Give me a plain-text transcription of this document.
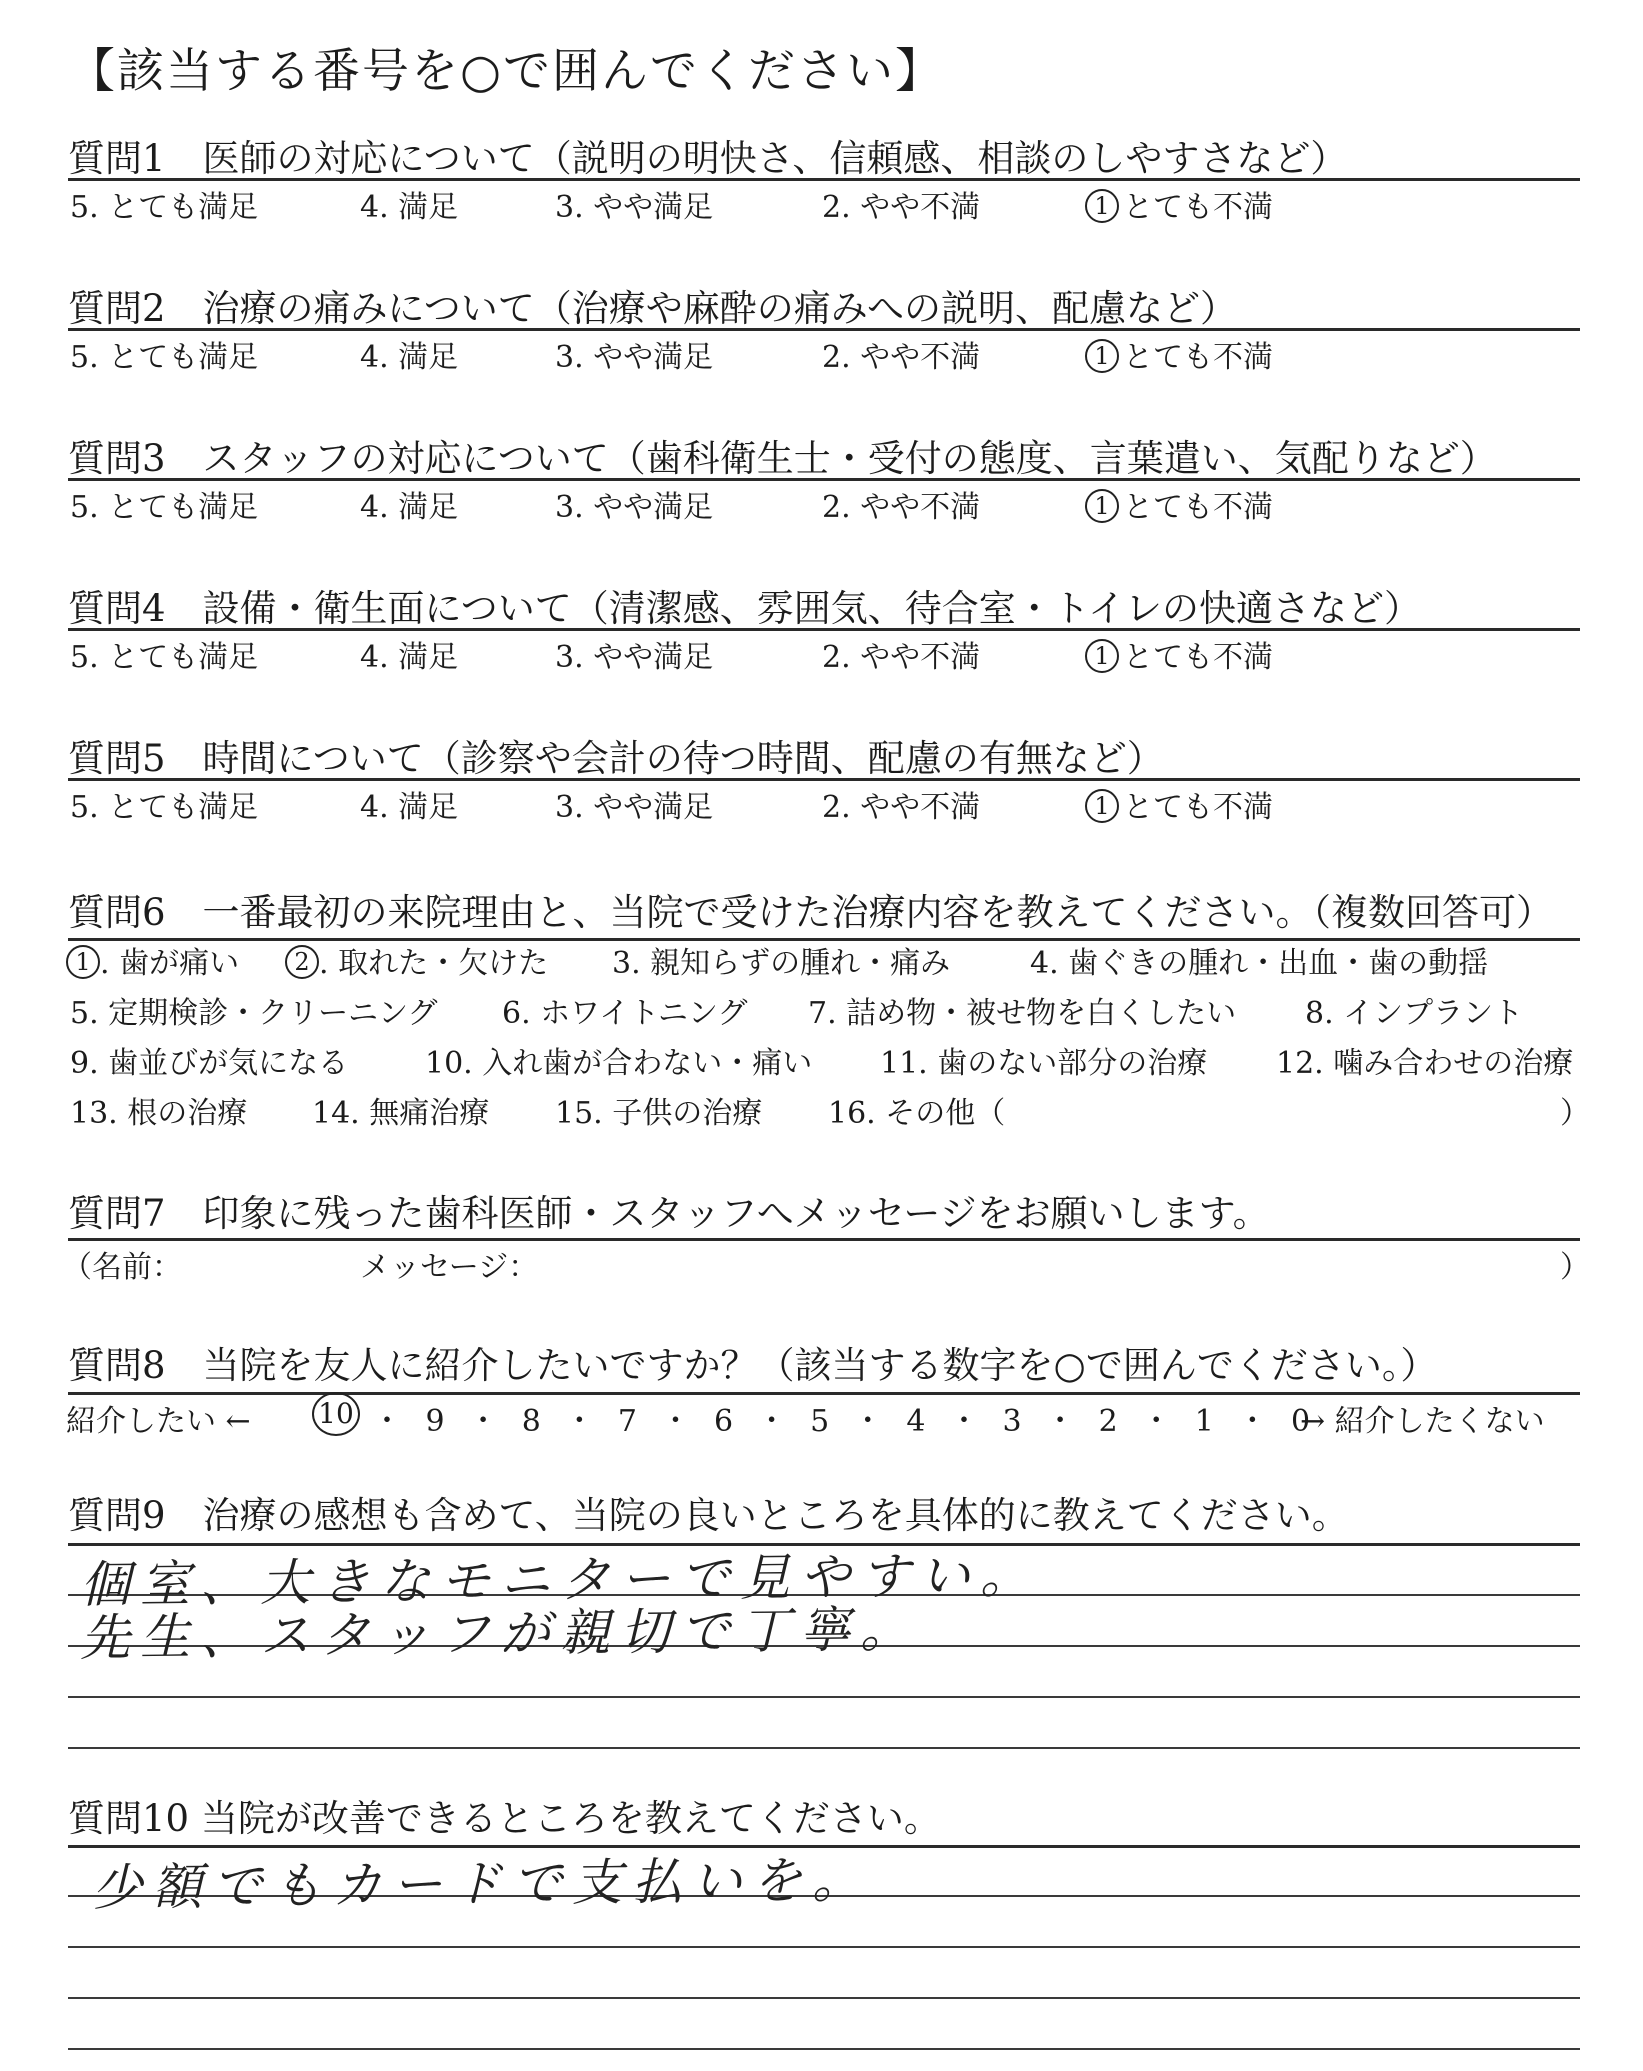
【該当する番号を○で囲んでください】
質問1　医師の対応について（説明の明快さ、信頼感、相談のしやすさなど）
5. とても満足	4. 満足	3. やや満足	2. やや不満	1 とても不満
質問2　治療の痛みについて（治療や麻酔の痛みへの説明、配慮など）
5. とても満足	4. 満足	3. やや満足	2. やや不満	1 とても不満
質問3　スタッフの対応について（歯科衛生士・受付の態度、言葉遣い、気配りなど）
5. とても満足	4. 満足	3. やや満足	2. やや不満	1 とても不満
質問4　設備・衛生面について（清潔感、雰囲気、待合室・トイレの快適さなど）
5. とても満足	4. 満足	3. やや満足	2. やや不満	1 とても不満
質問5　時間について（診察や会計の待つ時間、配慮の有無など）
5. とても満足	4. 満足	3. やや満足	2. やや不満	1 とても不満
質問6　一番最初の来院理由と、当院で受けた治療内容を教えてください。（複数回答可）
1 . 歯が痛い	2 . 取れた・欠けた 3. 親知らずの腫れ・痛み	4. 歯ぐきの腫れ・出血・歯の動揺
5. 定期検診・クリーニング 6. ホワイトニング 7. 詰め物・被せ物を白くしたい 8. インプラント
9. 歯並びが気になる	10. 入れ歯が合わない・痛い 11. 歯のない部分の治療 12. 噛み合わせの治療
13. 根の治療 14. 無痛治療 15. 子供の治療 16. その他（	）
質問7　印象に残った歯科医師・スタッフへメッセージをお願いします。
（名前：	メッセージ：	）
質問8　当院を友人に紹介したいですか？（該当する数字を○で囲んでください。）
紹介したい ← 10 ・ 9 ・ 8 ・ 7 ・ 6 ・ 5 ・ 4 ・ 3 ・ 2 ・ 1 ・ 0
→ 紹介したくない
質問9　治療の感想も含めて、当院の良いところを具体的に教えてください。
個室、大きなモニターで見やすい。
先生、スタッフが親切で丁寧。
質問10 当院が改善できるところを教えてください。
少額でもカードで支払いを。
